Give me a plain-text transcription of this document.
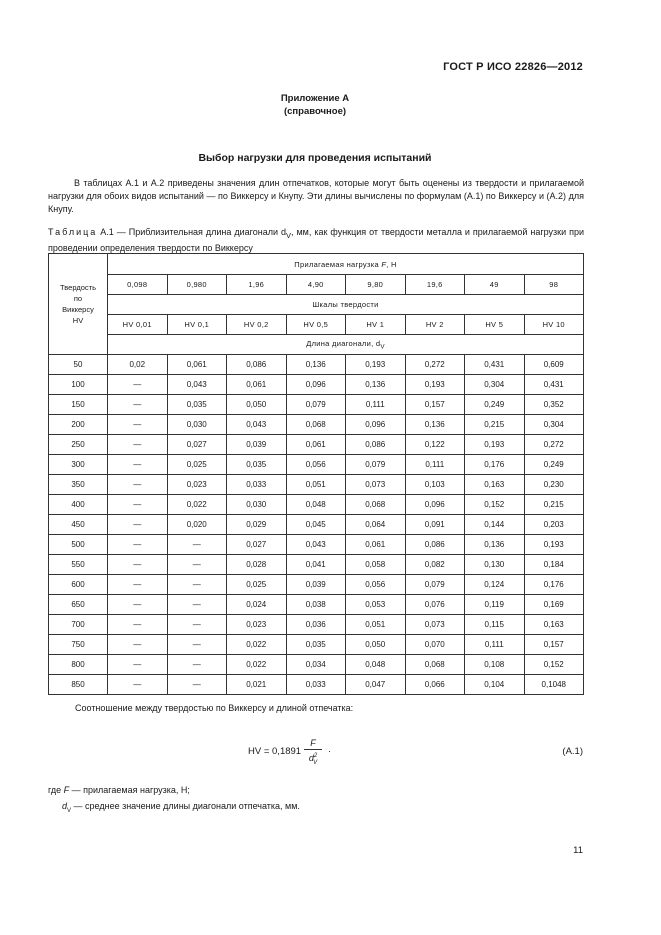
ГОСТ Р ИСО 22826—2012
Приложение А
(справочное)
Выбор нагрузки для проведения испытаний

В таблицах А.1 и А.2 приведены значения длин отпечатков, которые могут быть оценены из твердости и прилагаемой нагрузки для обоих видов испытаний — по Виккерсу и Кнупу. Эти длины вычислены по формулам (А.1) по Виккерсу и (А.2) для Кнупу.

Таблица А.1 — Приблизительная длина диагонали $d_V$, мм, как функция от твердости металла и прилагаемой нагрузки при проведении определения твердости по Виккерсу
Твердость
по
Виккерсу
HV	Прилагаемая нагрузка F, Н							
	0,098	0,980	1,96	4,90	9,80	19,6	49	98
	Шкалы твердости							
	HV 0,01	HV 0,1	HV 0,2	HV 0,5	HV 1	HV 2	HV 5	HV 10
	Длина диагонали, $d_V$
50	0,02	0,061	0,086	0,136	0,193	0,272	0,431	0,609
100	—	0,043	0,061	0,096	0,136	0,193	0,304	0,431
150	—	0,035	0,050	0,079	0,111	0,157	0,249	0,352
200	—	0,030	0,043	0,068	0,096	0,136	0,215	0,304
250	—	0,027	0,039	0,061	0,086	0,122	0,193	0,272
300	—	0,025	0,035	0,056	0,079	0,111	0,176	0,249
350	—	0,023	0,033	0,051	0,073	0,103	0,163	0,230
400	—	0,022	0,030	0,048	0,068	0,096	0,152	0,215
450	—	0,020	0,029	0,045	0,064	0,091	0,144	0,203
500	—	—	0,027	0,043	0,061	0,086	0,136	0,193
550	—	—	0,028	0,041	0,058	0,082	0,130	0,184
600	—	—	0,025	0,039	0,056	0,079	0,124	0,176
650	—	—	0,024	0,038	0,053	0,076	0,119	0,169
700	—	—	0,023	0,036	0,051	0,073	0,115	0,163
750	—	—	0,022	0,035	0,050	0,070	0,111	0,157
800	—	—	0,022	0,034	0,048	0,068	0,108	0,152
850	—	—	0,021	0,033	0,047	0,066	0,104	0,1048
Соотношение между твердостью по Виккерсу и длиной отпечатка:
HV = $0,1891 \frac{F}{d^2_V}$ ·	(А.1)
где F — прилагаемая нагрузка, Н;
$d_V$ — среднее значение длины диагонали отпечатка, мм.
11
